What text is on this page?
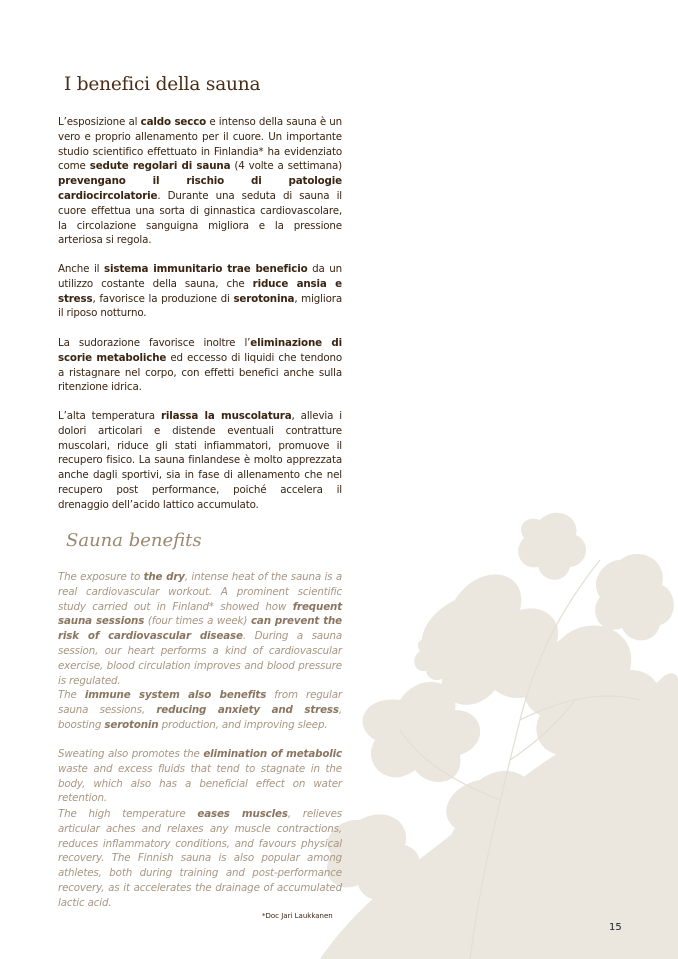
I benefici della sauna

L’esposizione al caldo secco e intenso della sauna è un vero e proprio allenamento per il cuore. Un importante studio scientifico effettuato in Finlandia* ha evidenziato come sedute regolari di sauna (4 volte a settimana) prevengano il rischio di patologie cardiocircolatorie. Durante una seduta di sauna il cuore effettua una sorta di ginnastica cardiovascolare, la circolazione sanguigna migliora e la pressione arteriosa si regola.

Anche il sistema immunitario trae beneficio da un utilizzo costante della sauna, che riduce ansia e stress, favorisce la produzione di serotonina, migliora il riposo notturno.

La sudorazione favorisce inoltre l’eliminazione di scorie metaboliche ed eccesso di liquidi che tendono a ristagnare nel corpo, con effetti benefici anche sulla ritenzione idrica.

L’alta temperatura rilassa la muscolatura, allevia i dolori articolari e distende eventuali contratture muscolari, riduce gli stati infiammatori, promuove il recupero fisico. La sauna finlandese è molto apprezzata anche dagli sportivi, sia in fase di allenamento che nel recupero post performance, poiché accelera il drenaggio dell’acido lattico accumulato.

Sauna benefits

The exposure to the dry, intense heat of the sauna is a real cardiovascular workout. A prominent scientific study carried out in Finland* showed how frequent sauna sessions (four times a week) can prevent the risk of cardiovascular disease. During a sauna session, our heart performs a kind of cardiovascular exercise, blood circulation improves and blood pressure is regulated.

The immune system also benefits from regular sauna sessions, reducing anxiety and stress, boosting serotonin production, and improving sleep.

Sweating also promotes the elimination of metabolic waste and excess fluids that tend to stagnate in the body, which also has a beneficial effect on water retention.

The high temperature eases muscles, relieves articular aches and relaxes any muscle contractions, reduces inflammatory conditions, and favours physical recovery. The Finnish sauna is also popular among athletes, both during training and post-performance recovery, as it accelerates the drainage of accumulated lactic acid.

*Doc Jari Laukkanen
15
